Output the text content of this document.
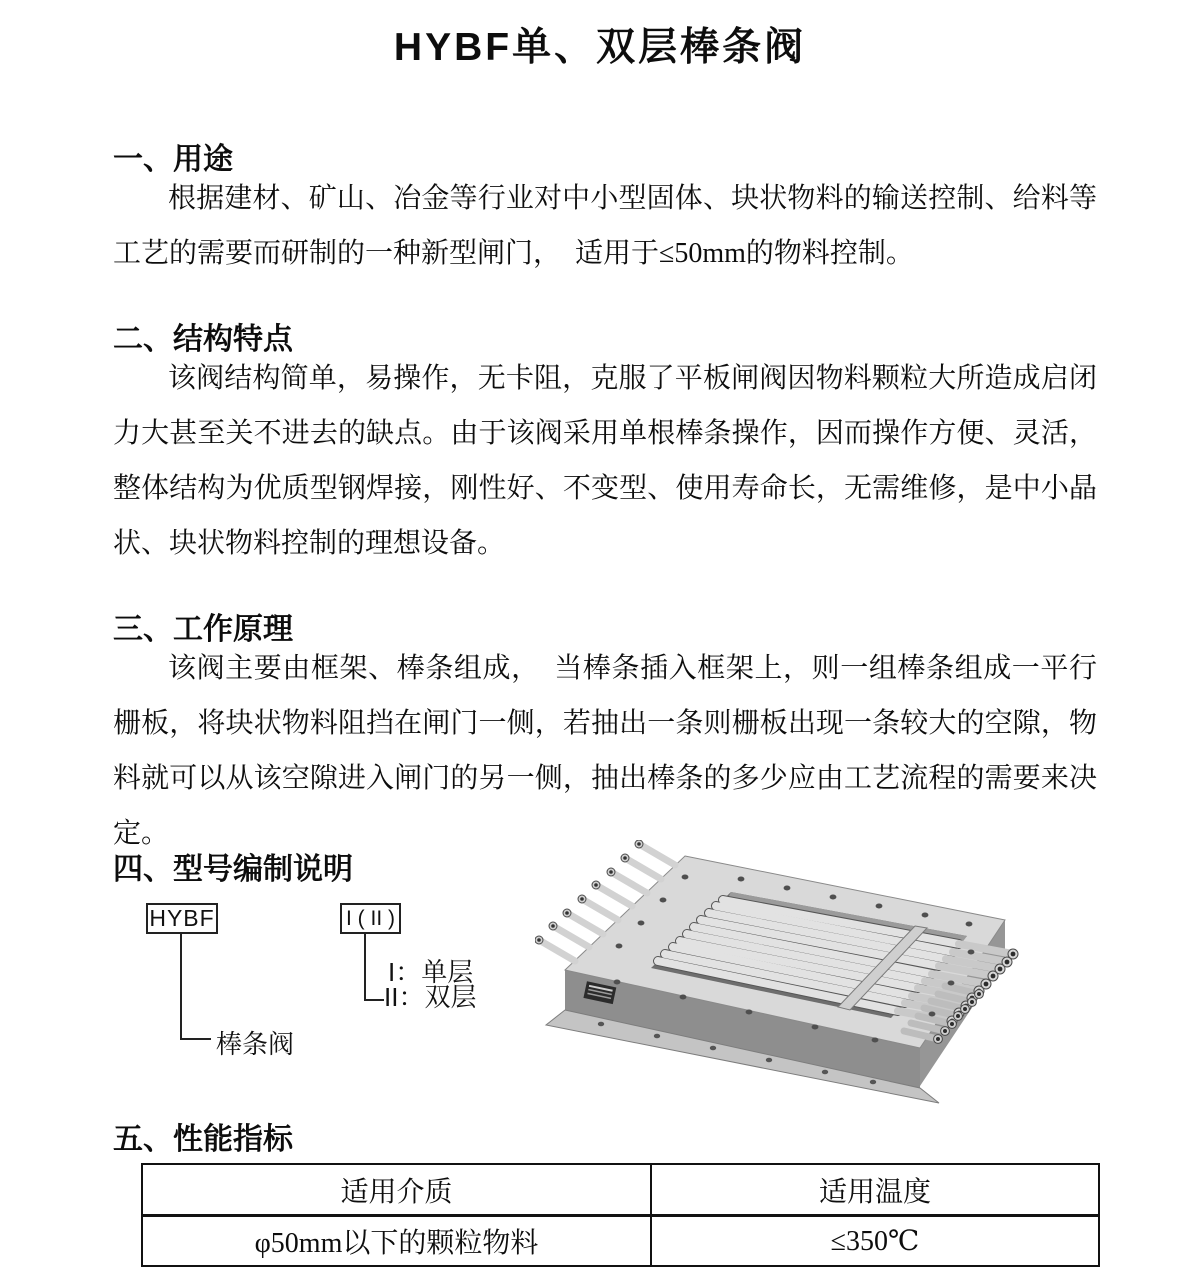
HYBF单、双层棒条阀
一、用途

根据建材、矿山、冶金等行业对中小型固体、块状物料的输送控制、给料等工艺的需要而研制的一种新型闸门，　适用于≤50mm的物料控制。

二、结构特点

该阀结构简单，易操作，无卡阻，克服了平板闸阀因物料颗粒大所造成启闭力大甚至关不进去的缺点。由于该阀采用单根棒条操作，因而操作方便、灵活，整体结构为优质型钢焊接，刚性好、不变型、使用寿命长，无需维修，是中小晶状、块状物料控制的理想设备。

三、工作原理

该阀主要由框架、棒条组成，　当棒条插入框架上，则一组棒条组成一平行栅板，将块状物料阻挡在闸门一侧，若抽出一条则栅板出现一条较大的空隙，物料就可以从该空隙进入闸门的另一侧，抽出棒条的多少应由工艺流程的需要来决定。

四、型号编制说明
HYBF
棒条阀
I ( II )
I：单层
II：双层
五、性能指标
适用介质	适用温度
φ50mm以下的颗粒物料	≤350℃
